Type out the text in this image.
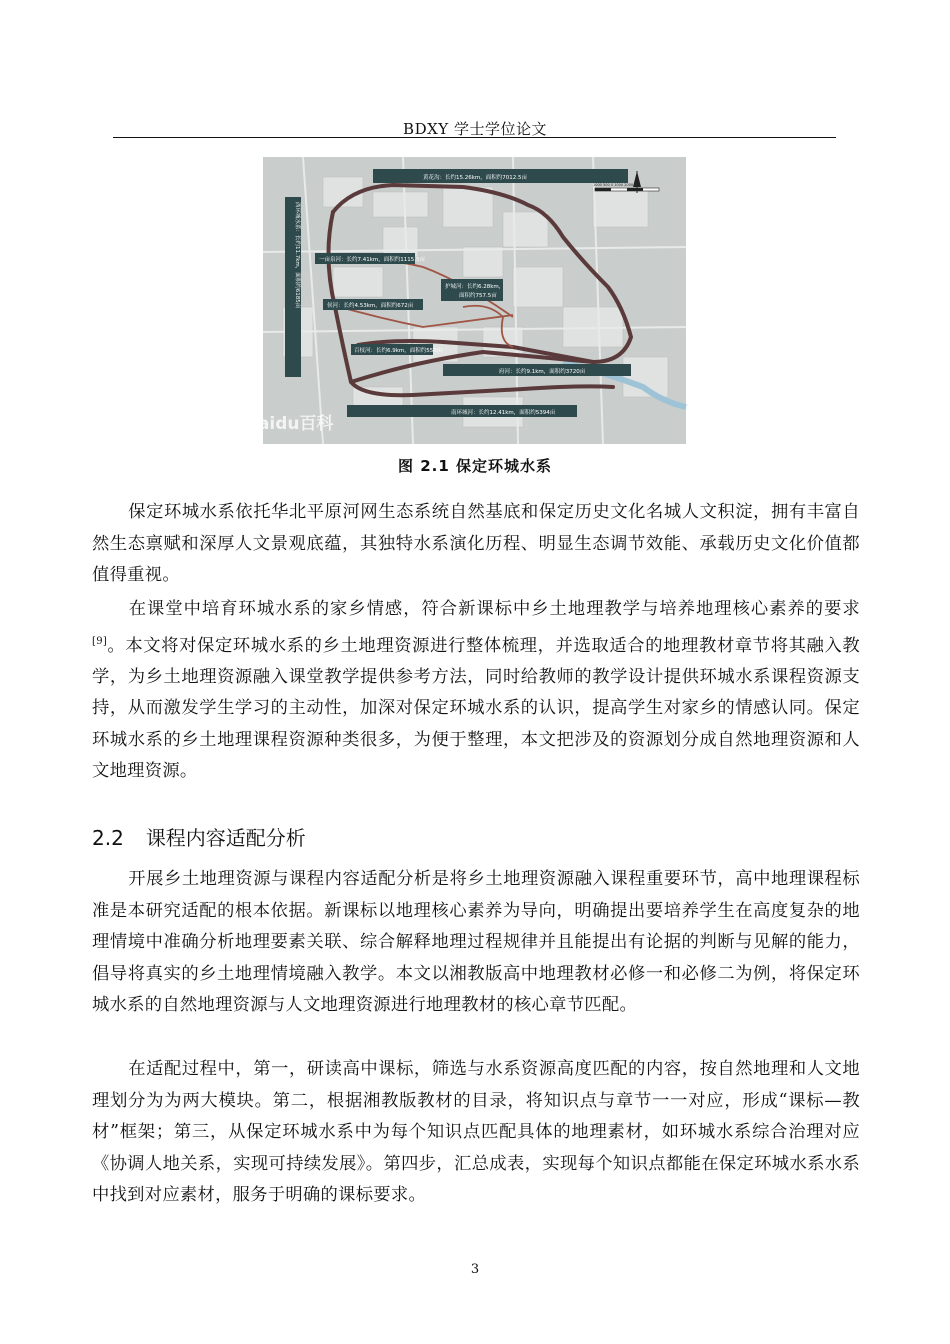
BDXY 学士学位论文
黄花沟：长约15.26km，面积约7012.5亩
西环城水系：长约11.7km，面积约6185亩	一亩泉河：长约7.41km，面积约1115.5亩
护城河：长约6.28km，
面积约757.5亩
侯河：长约4.53km，面积约672亩
百枝河：长约6.9km，面积约550亩
府河：长约9.1km，面积约3720亩
南环城河：长约12.41km，面积约5394亩
1000 500 0 1000 2000
Baidu百科
图 2.1 保定环城水系

保定环城水系依托华北平原河网生态系统自然基底和保定历史文化名城人文积淀，拥有丰富自然生态禀赋和深厚人文景观底蕴，其独特水系演化历程、明显生态调节效能、承载历史文化价值都值得重视。

在课堂中培育环城水系的家乡情感，符合新课标中乡土地理教学与培养地理核心素养的要求[9]。本文将对保定环城水系的乡土地理资源进行整体梳理，并选取适合的地理教材章节将其融入教学，为乡土地理资源融入课堂教学提供参考方法，同时给教师的教学设计提供环城水系课程资源支持，从而激发学生学习的主动性，加深对保定环城水系的认识，提高学生对家乡的情感认同。保定环城水系的乡土地理课程资源种类很多，为便于整理，本文把涉及的资源划分成自然地理资源和人文地理资源。

2.2 课程内容适配分析

开展乡土地理资源与课程内容适配分析是将乡土地理资源融入课程重要环节，高中地理课程标准是本研究适配的根本依据。新课标以地理核心素养为导向，明确提出要培养学生在高度复杂的地理情境中准确分析地理要素关联、综合解释地理过程规律并且能提出有论据的判断与见解的能力，倡导将真实的乡土地理情境融入教学。本文以湘教版高中地理教材必修一和必修二为例，将保定环城水系的自然地理资源与人文地理资源进行地理教材的核心章节匹配。

在适配过程中，第一，研读高中课标，筛选与水系资源高度匹配的内容，按自然地理和人文地理划分为为两大模块。第二，根据湘教版教材的目录，将知识点与章节一一对应，形成“课标—教材”框架；第三，从保定环城水系中为每个知识点匹配具体的地理素材，如环城水系综合治理对应《协调人地关系，实现可持续发展》。第四步，汇总成表，实现每个知识点都能在保定环城水系水系中找到对应素材，服务于明确的课标要求。

3
